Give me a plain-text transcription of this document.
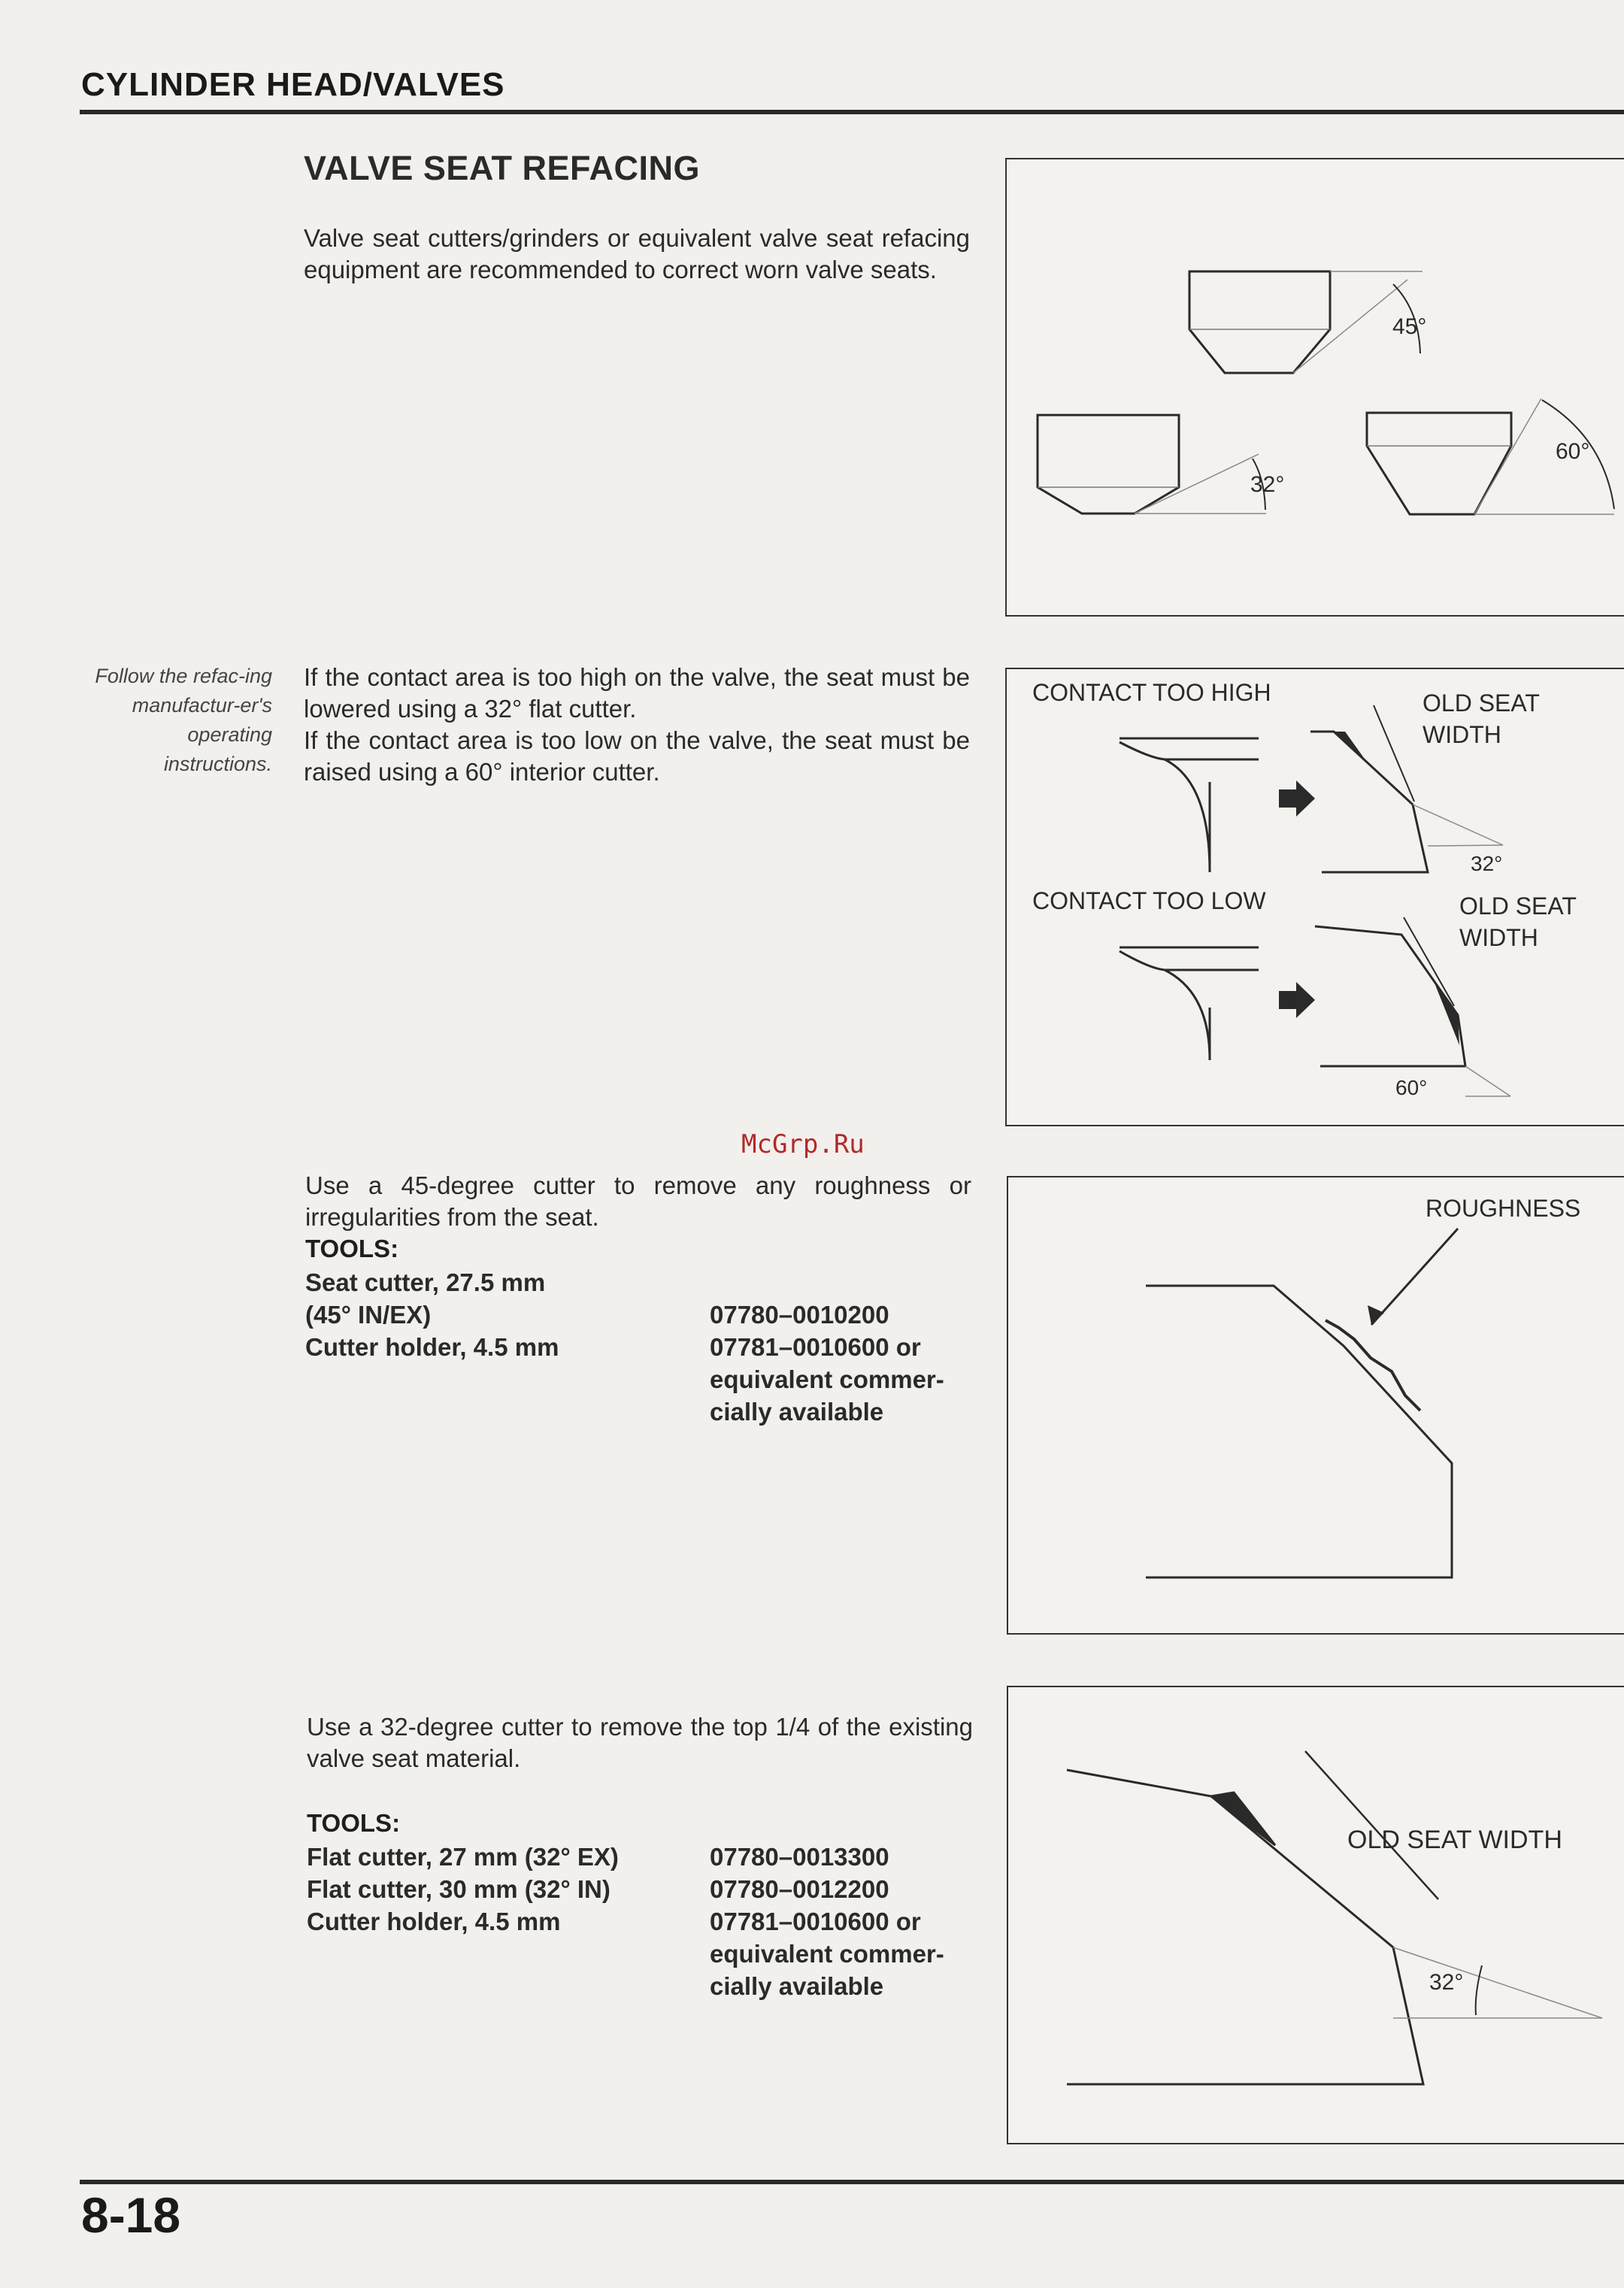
CYLINDER HEAD/VALVES
VALVE SEAT REFACING
Valve seat cutters/grinders or equivalent valve seat refacing equipment are recommended to correct worn valve seats.
Follow the refac-ing manufactur-er's operating instructions.
If the contact area is too high on the valve, the seat must be lowered using a 32° flat cutter.
If the contact area is too low on the valve, the seat must be raised using a 60° interior cutter.
McGrp.Ru
Use a 45-degree cutter to remove any roughness or irregularities from the seat.
TOOLS:
Seat cutter, 27.5 mm
(45° IN/EX)	07780–0010200
Cutter holder, 4.5 mm	07781–0010600 or
equivalent commer-
cially available
Use a 32-degree cutter to remove the top 1/4 of the existing valve seat material.
TOOLS:
Flat cutter, 27 mm (32° EX)	07780–0013300
Flat cutter, 30 mm (32° IN)	07780–0012200
Cutter holder, 4.5 mm	07781–0010600 or
equivalent commer-
cially available
45°
32°
60°
CONTACT TOO HIGH	OLD SEAT
WIDTH
32°
CONTACT TOO LOW	OLD SEAT
WIDTH
60°
ROUGHNESS
OLD SEAT WIDTH
32°
8-18
